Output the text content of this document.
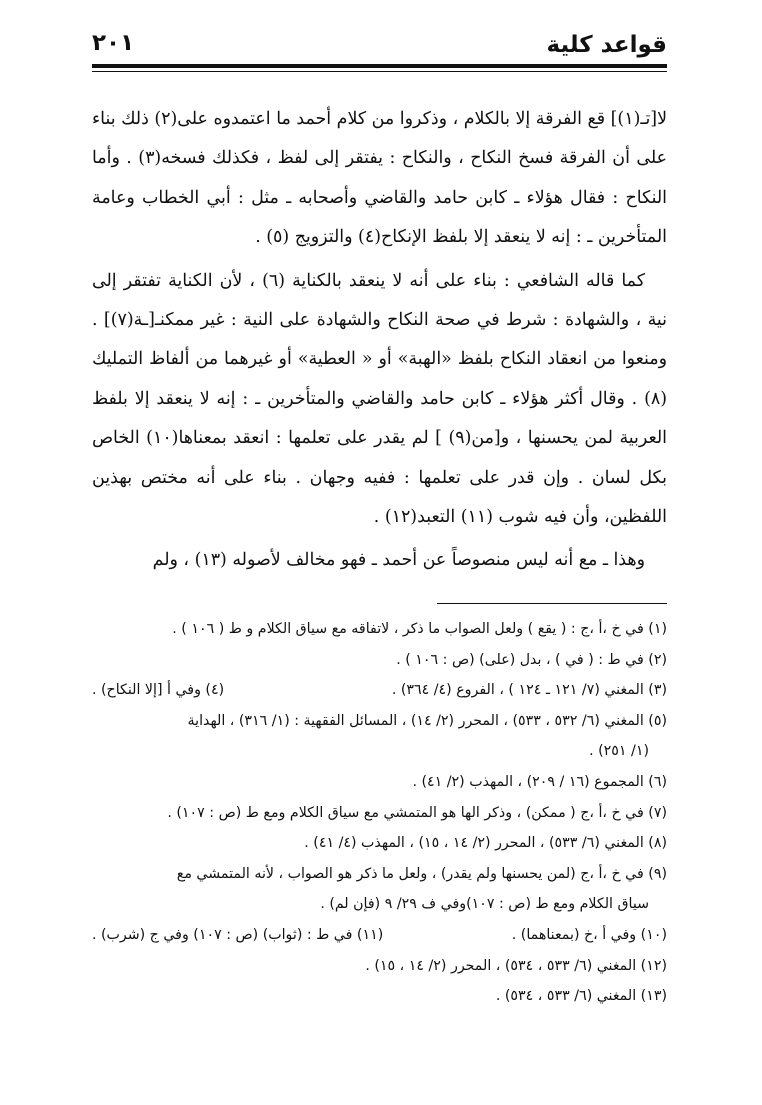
قواعد كلية
٢٠١

لا[تـ(١)] قع الفرقة إلا بالكلام ، وذكروا من كلام أحمد ما اعتمدوه على(٢) ذلك بناء على أن الفرقة فسخ النكاح ، والنكاح : يفتقر إلى لفظ ، فكذلك فسخه(٣) . وأما النكاح : فقال هؤلاء ـ كابن حامد والقاضي وأصحابه ـ مثل : أبي الخطاب وعامة المتأخرين ـ : إنه لا ينعقد إلا بلفظ الإنكاح(٤) والتزويج (٥) .

كما قاله الشافعي : بناء على أنه لا ينعقد بالكناية (٦) ، لأن الكناية تفتقر إلى نية ، والشهادة : شرط في صحة النكاح والشهادة على النية : غير ممكنـ[ـة(٧)] . ومنعوا من انعقاد النكاح بلفظ «الهبة» أو « العطية» أو غيرهما من ألفاظ التمليك (٨) . وقال أكثر هؤلاء ـ كابن حامد والقاضي والمتأخرين ـ : إنه لا ينعقد إلا بلفظ العربية لمن يحسنها ، و[من(٩) ] لم يقدر على تعلمها : انعقد بمعناها(١٠) الخاص بكل لسان . وإن قدر على تعلمها : ففيه وجهان . بناء على أنه مختص بهذين اللفظين، وأن فيه شوب (١١) التعبد(١٢) .

وهذا ـ مع أنه ليس منصوصاً عن أحمد ـ فهو مخالف لأصوله (١٣) ، ولم

(١) في خ ،أ ،ج : ( يقع ) ولعل الصواب ما ذكر ، لاتفاقه مع سياق الكلام و ط ( ١٠٦ ) .

(٢) في ط : ( في ) ، بدل (على) (ص : ١٠٦ ) .

(٣) المغني (٧/ ١٢١ ـ ١٢٤ ) ، الفروع (٤/ ٣٦٤) .
(٤) وفي أ [إلا النكاح) .

(٥) المغني (٦/ ٥٣٢ ، ٥٣٣) ، المحرر (٢/ ١٤) ، المسائل الفقهية : (١/ ٣١٦) ، الهداية
(١/ ٢٥١) .

(٦) المجموع (١٦ / ٢٠٩) ، المهذب (٢/ ٤١) .

(٧) في خ ،أ ،ج ( ممكن) ، وذكر الها هو المتمشي مع سياق الكلام ومع ط (ص : ١٠٧) .

(٨) المغني (٦/ ٥٣٣) ، المحرر (٢/ ١٤ ، ١٥) ، المهذب (٤/ ٤١) .

(٩) في خ ،أ ،ج (لمن يحسنها ولم يقدر) ، ولعل ما ذكر هو الصواب ، لأنه المتمشي مع
سياق الكلام ومع ط (ص : ١٠٧)وفي ف ٢٩/ ٩ (فإن لم) .

(١٠) وفي أ ،خ (بمعناهما) .
(١١) في ط : (ثواب) (ص : ١٠٧) وفي ج (شرب) .

(١٢) المغني (٦/ ٥٣٣ ، ٥٣٤) ، المحرر (٢/ ١٤ ، ١٥) .

(١٣) المغني (٦/ ٥٣٣ ، ٥٣٤) .
